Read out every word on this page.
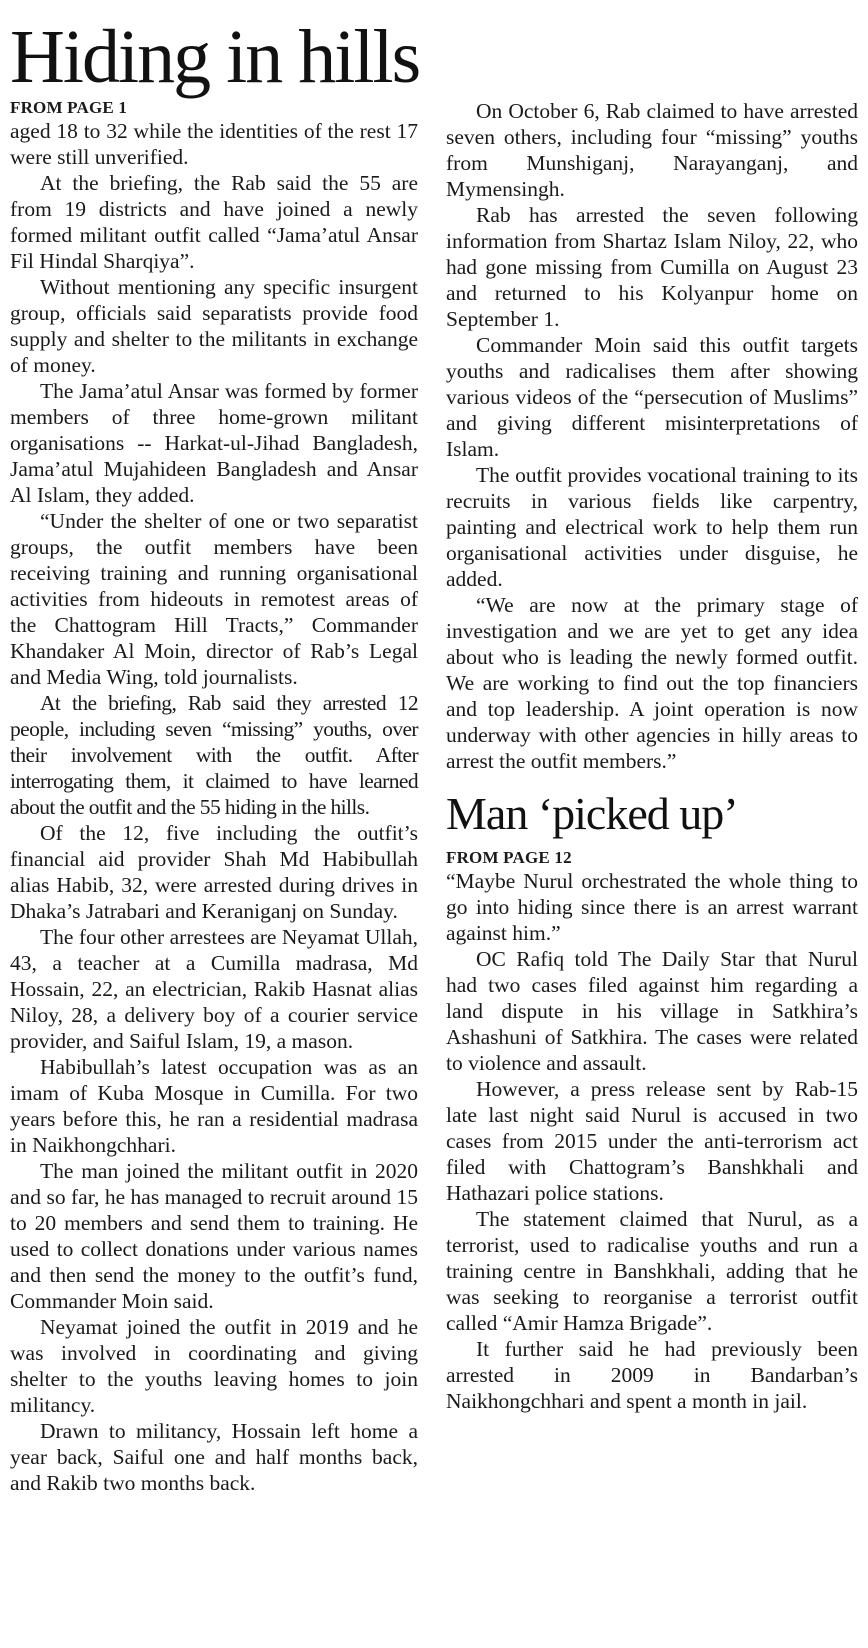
Hiding in hills

FROM PAGE 1

aged 18 to 32 while the identities of the rest 17 were still unverified.

At the briefing, the Rab said the 55 are from 19 districts and have joined a newly formed militant outfit called “Jama’atul Ansar Fil Hindal Sharqiya”.

Without mentioning any specific insurgent group, officials said separatists provide food supply and shelter to the militants in exchange of money.

The Jama’atul Ansar was formed by former members of three home-grown militant organisations -- Harkat-ul-Jihad Bangladesh, Jama’atul Mujahideen Bangladesh and Ansar Al Islam, they added.

“Under the shelter of one or two separatist groups, the outfit members have been receiving training and running organisational activities from hideouts in remotest areas of the Chattogram Hill Tracts,” Commander Khandaker Al Moin, director of Rab’s Legal and Media Wing, told journalists.

At the briefing, Rab said they arrested 12 people, including seven “missing” youths, over their involvement with the outfit. After interrogating them, it claimed to have learned about the outfit and the 55 hiding in the hills.

Of the 12, five including the outfit’s financial aid provider Shah Md Habibullah alias Habib, 32, were arrested during drives in Dhaka’s Jatrabari and Keraniganj on Sunday.

The four other arrestees are Neyamat Ullah, 43, a teacher at a Cumilla madrasa, Md Hossain, 22, an electrician, Rakib Hasnat alias Niloy, 28, a delivery boy of a courier service provider, and Saiful Islam, 19, a mason.

Habibullah’s latest occupation was as an imam of Kuba Mosque in Cumilla. For two years before this, he ran a residential madrasa in Naikhongchhari.

The man joined the militant outfit in 2020 and so far, he has managed to recruit around 15 to 20 members and send them to training. He used to collect donations under various names and then send the money to the outfit’s fund, Commander Moin said.

Neyamat joined the outfit in 2019 and he was involved in coordinating and giving shelter to the youths leaving homes to join militancy.

Drawn to militancy, Hossain left home a year back, Saiful one and half months back, and Rakib two months back.

On October 6, Rab claimed to have arrested seven others, including four “missing” youths from Munshiganj, Narayanganj, and Mymensingh.

Rab has arrested the seven following information from Shartaz Islam Niloy, 22, who had gone missing from Cumilla on August 23 and returned to his Kolyanpur home on September 1.

Commander Moin said this outfit targets youths and radicalises them after showing various videos of the “persecution of Muslims” and giving different misinterpretations of Islam.

The outfit provides vocational training to its recruits in various fields like carpentry, painting and electrical work to help them run organisational activities under disguise, he added.

“We are now at the primary stage of investigation and we are yet to get any idea about who is leading the newly formed outfit. We are working to find out the top financiers and top leadership. A joint operation is now underway with other agencies in hilly areas to arrest the outfit members.”

Man ‘picked up’

FROM PAGE 12

“Maybe Nurul orchestrated the whole thing to go into hiding since there is an arrest warrant against him.”

OC Rafiq told The Daily Star that Nurul had two cases filed against him regarding a land dispute in his village in Satkhira’s Ashashuni of Satkhira. The cases were related to violence and assault.

However, a press release sent by Rab-15 late last night said Nurul is accused in two cases from 2015 under the anti-terrorism act filed with Chattogram’s Banshkhali and Hathazari police stations.

The statement claimed that Nurul, as a terrorist, used to radicalise youths and run a training centre in Banshkhali, adding that he was seeking to reorganise a terrorist outfit called “Amir Hamza Brigade”.

It further said he had previously been arrested in 2009 in Bandarban’s Naikhongchhari and spent a month in jail.
